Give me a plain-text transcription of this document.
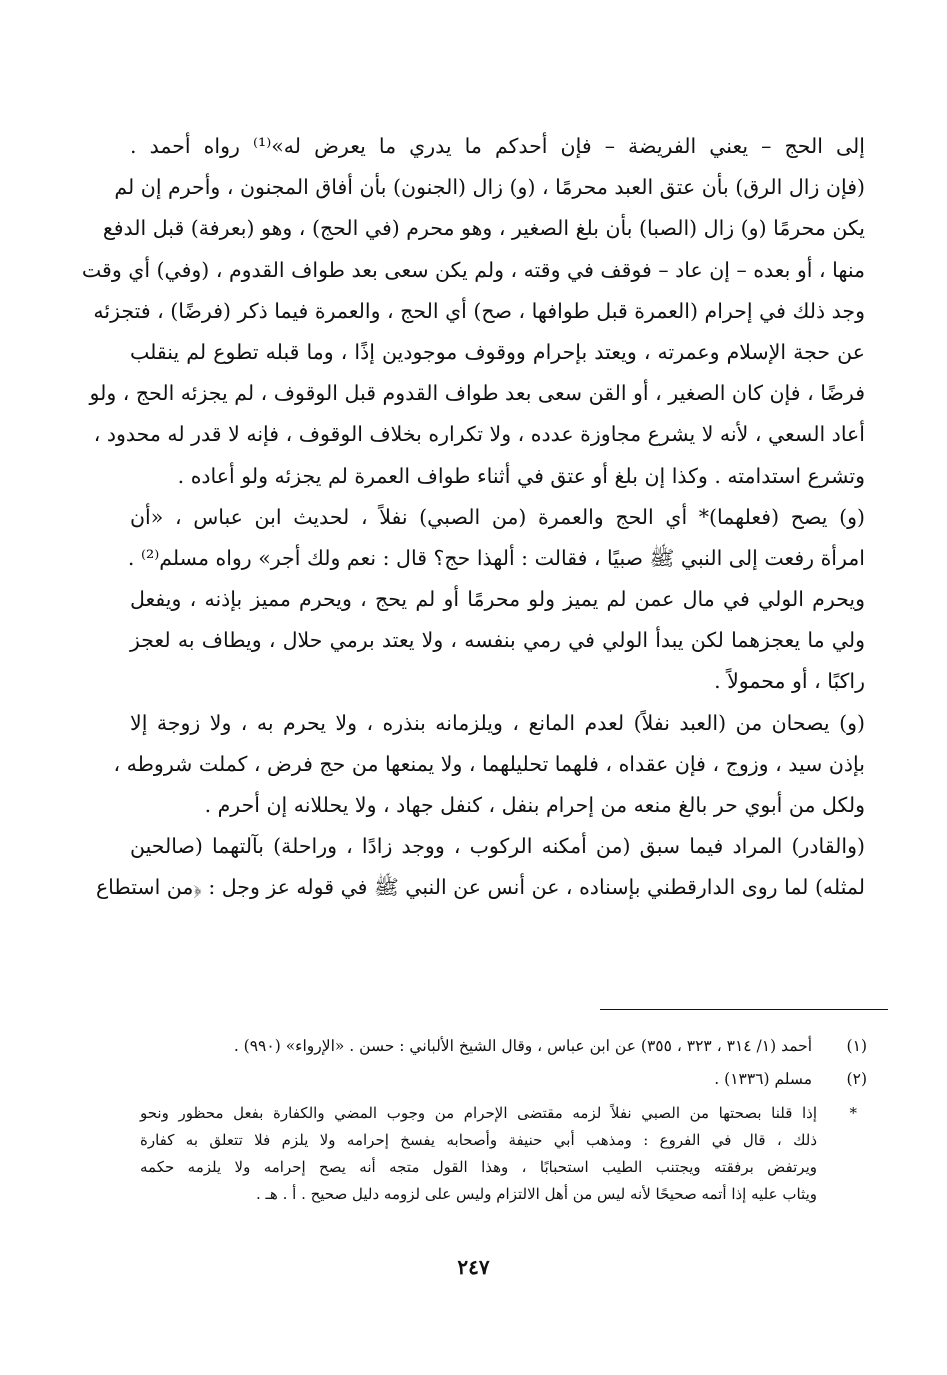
إلى الحج – يعني الفريضة – فإن أحدكم ما يدري ما يعرض له»⁽¹⁾ رواه أحمد .
(فإن زال الرق) بأن عتق العبد محرمًا ، (و) زال (الجنون) بأن أفاق المجنون ، وأحرم إن لم
يكن محرمًا (و) زال (الصبا) بأن بلغ الصغير ، وهو محرم (في الحج) ، وهو (بعرفة) قبل الدفع
منها ، أو بعده – إن عاد – فوقف في وقته ، ولم يكن سعى بعد طواف القدوم ، (وفي) أي وقت
وجد ذلك في إحرام (العمرة قبل طوافها ، صح) أي الحج ، والعمرة فيما ذكر (فرضًا) ، فتجزئه
عن حجة الإسلام وعمرته ، ويعتد بإحرام ووقوف موجودين إذًا ، وما قبله تطوع لم ينقلب
فرضًا ، فإن كان الصغير ، أو القن سعى بعد طواف القدوم قبل الوقوف ، لم يجزئه الحج ، ولو
أعاد السعي ، لأنه لا يشرع مجاوزة عدده ، ولا تكراره بخلاف الوقوف ، فإنه لا قدر له محدود ،
وتشرع استدامته . وكذا إن بلغ أو عتق في أثناء طواف العمرة لم يجزئه ولو أعاده .
(و) يصح (فعلهما)* أي الحج والعمرة (من الصبي) نفلاً ، لحديث ابن عباس ، «أن
امرأة رفعت إلى النبي ﷺ صبيًا ، فقالت : ألهذا حج؟ قال : نعم ولك أجر» رواه مسلم⁽²⁾ .
ويحرم الولي في مال عمن لم يميز ولو محرمًا أو لم يحج ، ويحرم مميز بإذنه ، ويفعل
ولي ما يعجزهما لكن يبدأ الولي في رمي بنفسه ، ولا يعتد برمي حلال ، ويطاف به لعجز
راكبًا ، أو محمولاً .
(و) يصحان من (العبد نفلاً) لعدم المانع ، ويلزمانه بنذره ، ولا يحرم به ، ولا زوجة إلا
بإذن سيد ، وزوج ، فإن عقداه ، فلهما تحليلهما ، ولا يمنعها من حج فرض ، كملت شروطه ،
ولكل من أبوي حر بالغ منعه من إحرام بنفل ، كنفل جهاد ، ولا يحللانه إن أحرم .
(والقادر) المراد فيما سبق (من أمكنه الركوب ، ووجد زادًا ، وراحلة) بآلتهما (صالحين
لمثله) لما روى الدارقطني بإسناده ، عن أنس عن النبي ﷺ في قوله عز وجل : ﴿من استطاع
(١) أحمد (١/ ٣١٤ ، ٣٢٣ ، ٣٥٥) عن ابن عباس ، وقال الشيخ الألباني : حسن . «الإرواء» (٩٩٠) .
(٢) مسلم (١٣٣٦) .
*
إذا قلنا بصحتها من الصبي نفلاً لزمه مقتضى الإحرام من وجوب المضي والكفارة بفعل محظور ونحو
ذلك ، قال في الفروع : ومذهب أبي حنيفة وأصحابه يفسخ إحرامه ولا يلزم فلا تتعلق به كفارة
ويرتفض برفقته ويجتنب الطيب استحبابًا ، وهذا القول متجه أنه يصح إحرامه ولا يلزمه حكمه
ويثاب عليه إذا أتمه صحيحًا لأنه ليس من أهل الالتزام وليس على لزومه دليل صحيح . أ . هـ .
٢٤٧
